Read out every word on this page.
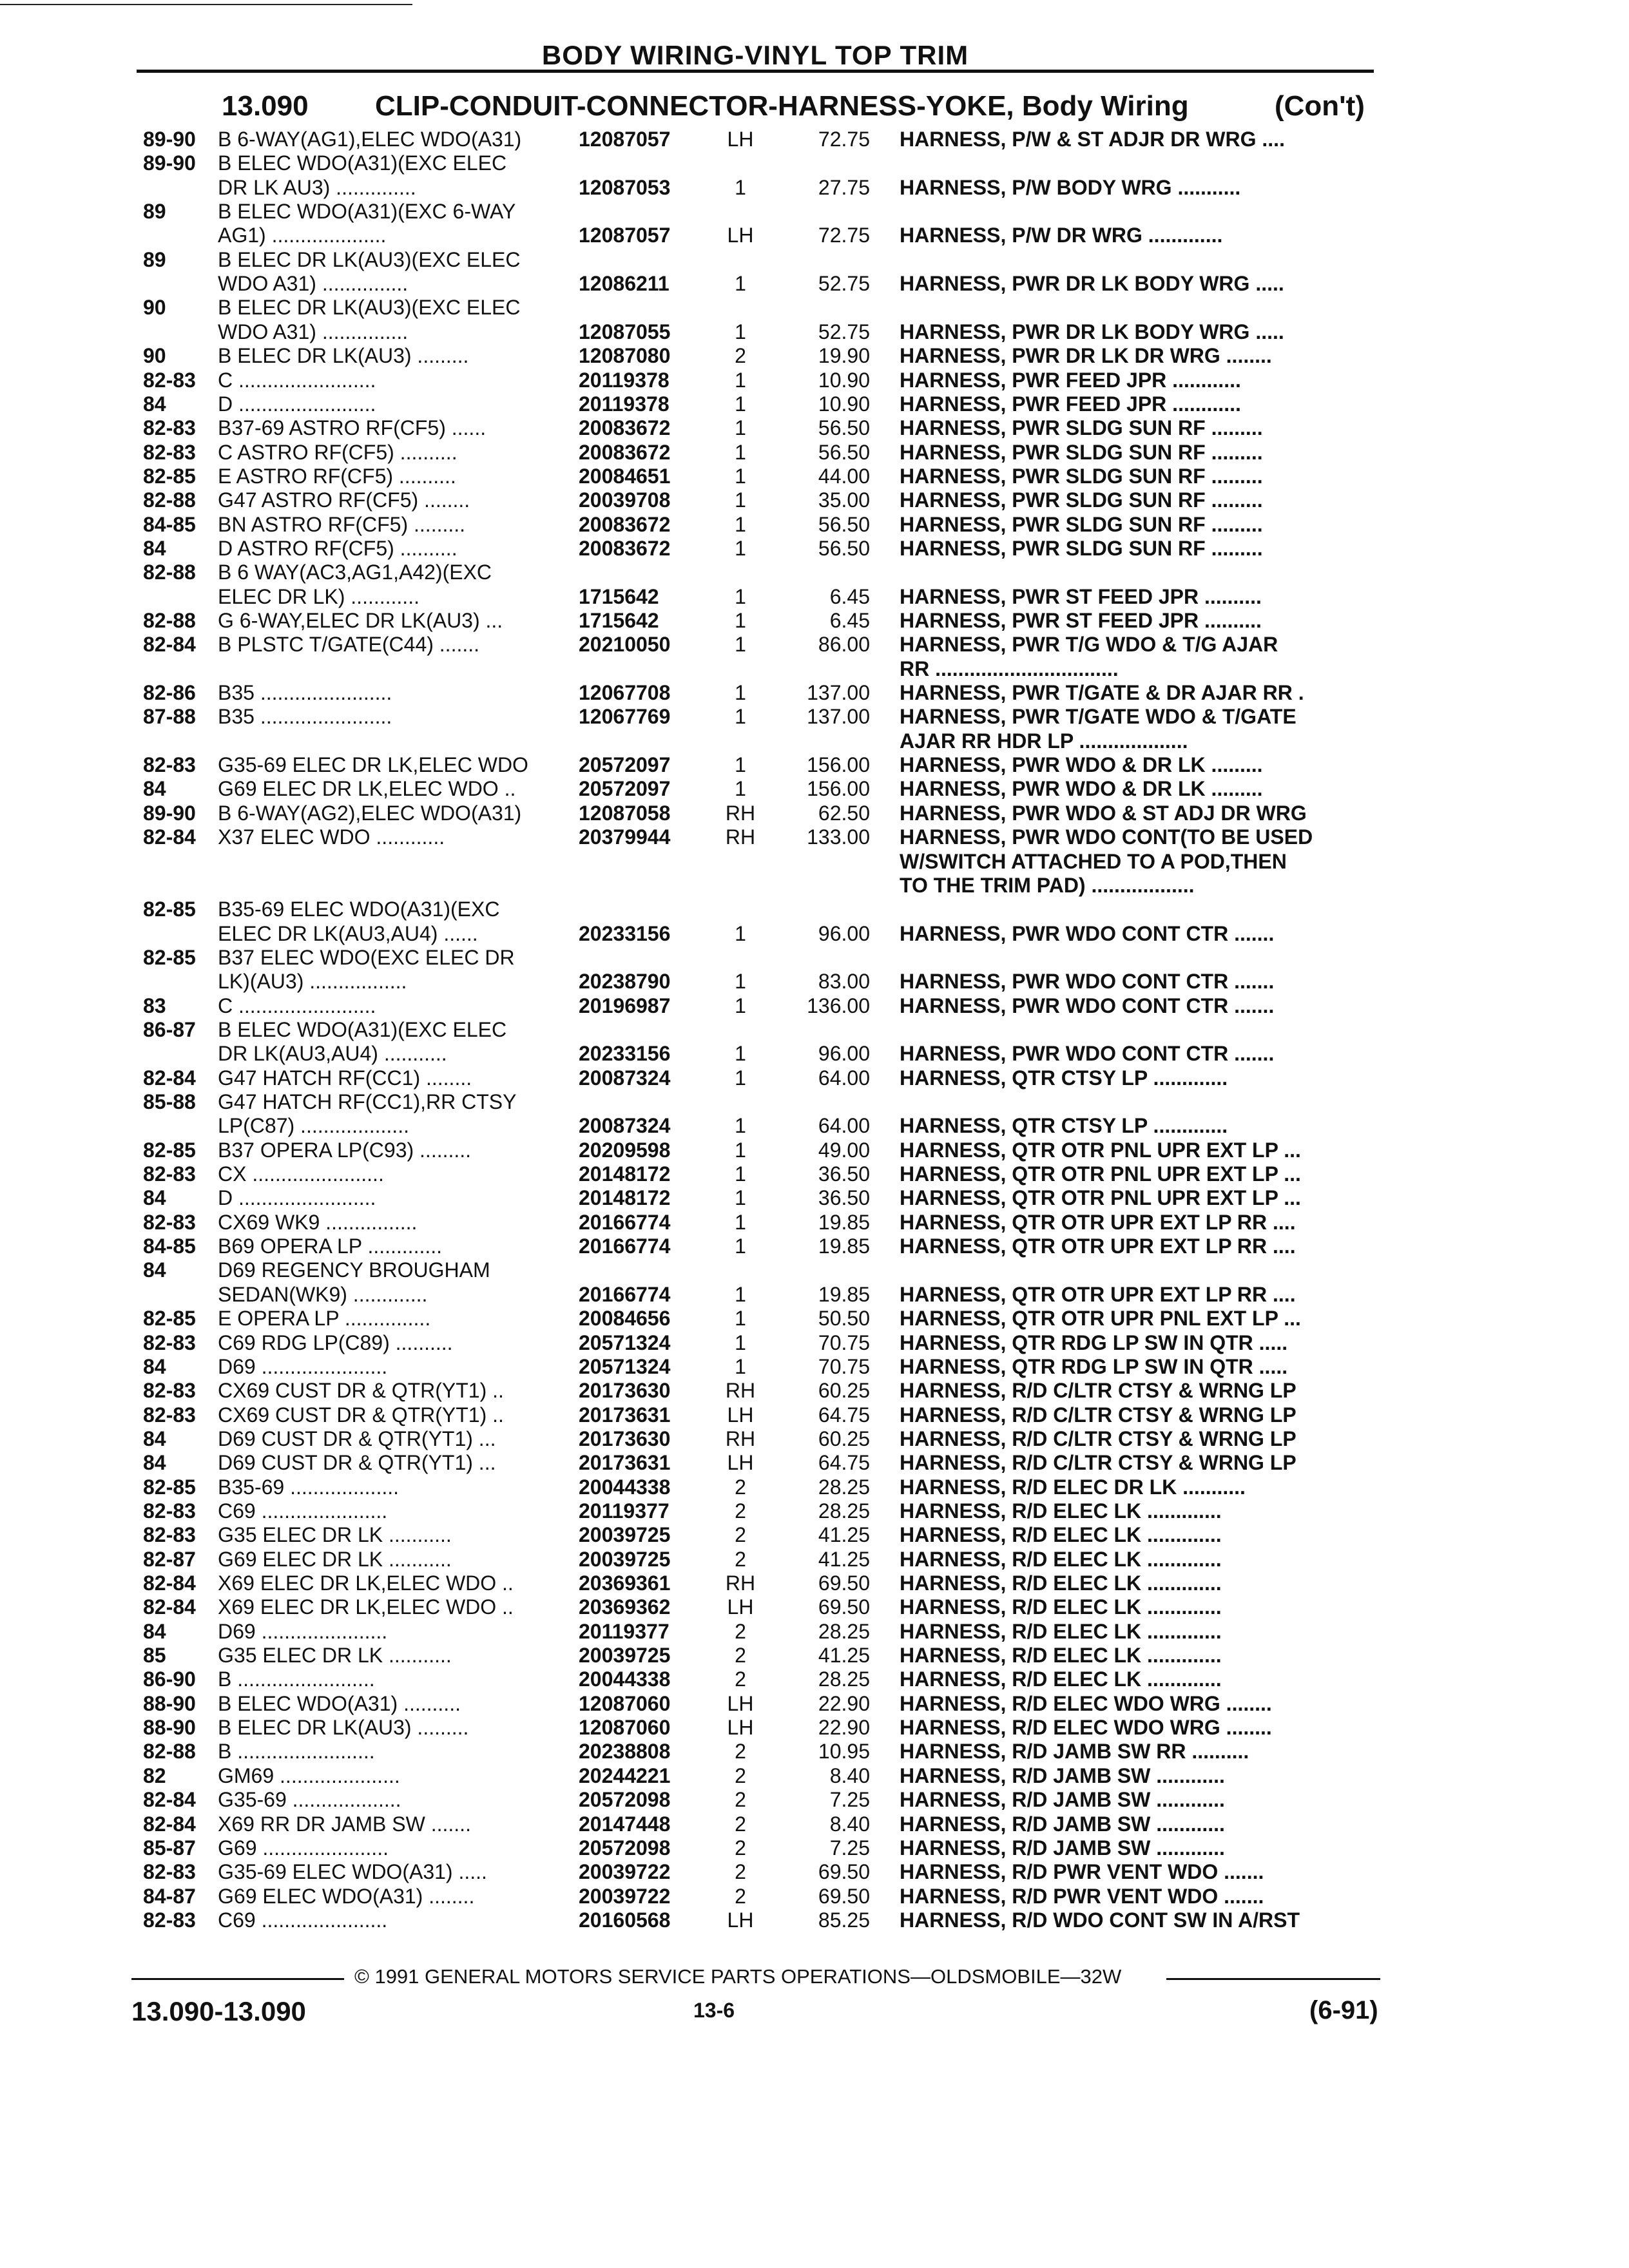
BODY WIRING-VINYL TOP TRIM
13.090 CLIP-CONDUIT-CONNECTOR-HARNESS-YOKE, Body Wiring	(Con't)
89-90 B 6-WAY(AG1),ELEC WDO(A31)	12087057	LH	72.75 HARNESS, P/W & ST ADJR DR WRG ....
89-90 B ELEC WDO(A31)(EXC ELEC
DR LK AU3) ..............	12087053	1	27.75 HARNESS, P/W BODY WRG ...........
89	B ELEC WDO(A31)(EXC 6-WAY
AG1) ....................	12087057	LH	72.75 HARNESS, P/W DR WRG .............
89	B ELEC DR LK(AU3)(EXC ELEC
WDO A31) ...............	12086211	1	52.75 HARNESS, PWR DR LK BODY WRG .....
90	B ELEC DR LK(AU3)(EXC ELEC
WDO A31) ...............	12087055	1	52.75 HARNESS, PWR DR LK BODY WRG .....
90	B ELEC DR LK(AU3) .........	12087080	2	19.90 HARNESS, PWR DR LK DR WRG ........
82-83 C ........................	20119378	1	10.90 HARNESS, PWR FEED JPR ............
84	D ........................	20119378	1	10.90 HARNESS, PWR FEED JPR ............
82-83 B37-69 ASTRO RF(CF5) ......	20083672	1	56.50 HARNESS, PWR SLDG SUN RF .........
82-83 C ASTRO RF(CF5) ..........	20083672	1	56.50 HARNESS, PWR SLDG SUN RF .........
82-85 E ASTRO RF(CF5) ..........	20084651	1	44.00 HARNESS, PWR SLDG SUN RF .........
82-88 G47 ASTRO RF(CF5) ........	20039708	1	35.00 HARNESS, PWR SLDG SUN RF .........
84-85 BN ASTRO RF(CF5) .........	20083672	1	56.50 HARNESS, PWR SLDG SUN RF .........
84	D ASTRO RF(CF5) ..........	20083672	1	56.50 HARNESS, PWR SLDG SUN RF .........
82-88 B 6 WAY(AC3,AG1,A42)(EXC
ELEC DR LK) ............	1715642	1	6.45 HARNESS, PWR ST FEED JPR ..........
82-88 G 6-WAY,ELEC DR LK(AU3) ...	1715642	1	6.45 HARNESS, PWR ST FEED JPR ..........
82-84 B PLSTC T/GATE(C44) .......	20210050	1	86.00 HARNESS, PWR T/G WDO & T/G AJAR
RR ................................
82-86 B35 .......................	12067708	1	137.00 HARNESS, PWR T/GATE & DR AJAR RR .
87-88 B35 .......................	12067769	1	137.00 HARNESS, PWR T/GATE WDO & T/GATE
AJAR RR HDR LP ...................
82-83 G35-69 ELEC DR LK,ELEC WDO 20572097	1	156.00 HARNESS, PWR WDO & DR LK .........
84	G69 ELEC DR LK,ELEC WDO ..	20572097	1	156.00 HARNESS, PWR WDO & DR LK .........
89-90 B 6-WAY(AG2),ELEC WDO(A31)	12087058	RH	62.50 HARNESS, PWR WDO & ST ADJ DR WRG
82-84 X37 ELEC WDO ............	20379944	RH	133.00 HARNESS, PWR WDO CONT(TO BE USED
W/SWITCH ATTACHED TO A POD,THEN
TO THE TRIM PAD) ..................
82-85 B35-69 ELEC WDO(A31)(EXC
ELEC DR LK(AU3,AU4) ......	20233156	1	96.00 HARNESS, PWR WDO CONT CTR .......
82-85 B37 ELEC WDO(EXC ELEC DR
LK)(AU3) .................	20238790	1	83.00 HARNESS, PWR WDO CONT CTR .......
83	C ........................	20196987	1	136.00 HARNESS, PWR WDO CONT CTR .......
86-87 B ELEC WDO(A31)(EXC ELEC
DR LK(AU3,AU4) ...........	20233156	1	96.00 HARNESS, PWR WDO CONT CTR .......
82-84 G47 HATCH RF(CC1) ........	20087324	1	64.00 HARNESS, QTR CTSY LP .............
85-88 G47 HATCH RF(CC1),RR CTSY
LP(C87) ...................	20087324	1	64.00 HARNESS, QTR CTSY LP .............
82-85 B37 OPERA LP(C93) .........	20209598	1	49.00 HARNESS, QTR OTR PNL UPR EXT LP ...
82-83 CX .......................	20148172	1	36.50 HARNESS, QTR OTR PNL UPR EXT LP ...
84	D ........................	20148172	1	36.50 HARNESS, QTR OTR PNL UPR EXT LP ...
82-83 CX69 WK9 ................	20166774	1	19.85 HARNESS, QTR OTR UPR EXT LP RR ....
84-85 B69 OPERA LP .............	20166774	1	19.85 HARNESS, QTR OTR UPR EXT LP RR ....
84	D69 REGENCY BROUGHAM
SEDAN(WK9) .............	20166774	1	19.85 HARNESS, QTR OTR UPR EXT LP RR ....
82-85 E OPERA LP ...............	20084656	1	50.50 HARNESS, QTR OTR UPR PNL EXT LP ...
82-83 C69 RDG LP(C89) ..........	20571324	1	70.75 HARNESS, QTR RDG LP SW IN QTR .....
84	D69 ......................	20571324	1	70.75 HARNESS, QTR RDG LP SW IN QTR .....
82-83 CX69 CUST DR & QTR(YT1) ..	20173630	RH	60.25 HARNESS, R/D C/LTR CTSY & WRNG LP
82-83 CX69 CUST DR & QTR(YT1) ..	20173631	LH	64.75 HARNESS, R/D C/LTR CTSY & WRNG LP
84	D69 CUST DR & QTR(YT1) ...	20173630	RH	60.25 HARNESS, R/D C/LTR CTSY & WRNG LP
84	D69 CUST DR & QTR(YT1) ...	20173631	LH	64.75 HARNESS, R/D C/LTR CTSY & WRNG LP
82-85 B35-69 ...................	20044338	2	28.25 HARNESS, R/D ELEC DR LK ...........
82-83 C69 ......................	20119377	2	28.25 HARNESS, R/D ELEC LK .............
82-83 G35 ELEC DR LK ...........	20039725	2	41.25 HARNESS, R/D ELEC LK .............
82-87 G69 ELEC DR LK ...........	20039725	2	41.25 HARNESS, R/D ELEC LK .............
82-84 X69 ELEC DR LK,ELEC WDO ..	20369361	RH	69.50 HARNESS, R/D ELEC LK .............
82-84 X69 ELEC DR LK,ELEC WDO ..	20369362	LH	69.50 HARNESS, R/D ELEC LK .............
84	D69 ......................	20119377	2	28.25 HARNESS, R/D ELEC LK .............
85	G35 ELEC DR LK ...........	20039725	2	41.25 HARNESS, R/D ELEC LK .............
86-90 B ........................	20044338	2	28.25 HARNESS, R/D ELEC LK .............
88-90 B ELEC WDO(A31) ..........	12087060	LH	22.90 HARNESS, R/D ELEC WDO WRG ........
88-90 B ELEC DR LK(AU3) .........	12087060	LH	22.90 HARNESS, R/D ELEC WDO WRG ........
82-88 B ........................	20238808	2	10.95 HARNESS, R/D JAMB SW RR ..........
82	GM69 .....................	20244221	2	8.40 HARNESS, R/D JAMB SW ............
82-84 G35-69 ...................	20572098	2	7.25 HARNESS, R/D JAMB SW ............
82-84 X69 RR DR JAMB SW .......	20147448	2	8.40 HARNESS, R/D JAMB SW ............
85-87 G69 ......................	20572098	2	7.25 HARNESS, R/D JAMB SW ............
82-83 G35-69 ELEC WDO(A31) .....	20039722	2	69.50 HARNESS, R/D PWR VENT WDO .......
84-87 G69 ELEC WDO(A31) ........	20039722	2	69.50 HARNESS, R/D PWR VENT WDO .......
82-83 C69 ......................	20160568	LH	85.25 HARNESS, R/D WDO CONT SW IN A/RST
© 1991 GENERAL MOTORS SERVICE PARTS OPERATIONS—OLDSMOBILE—32W
13.090-13.090	13-6	(6-91)
